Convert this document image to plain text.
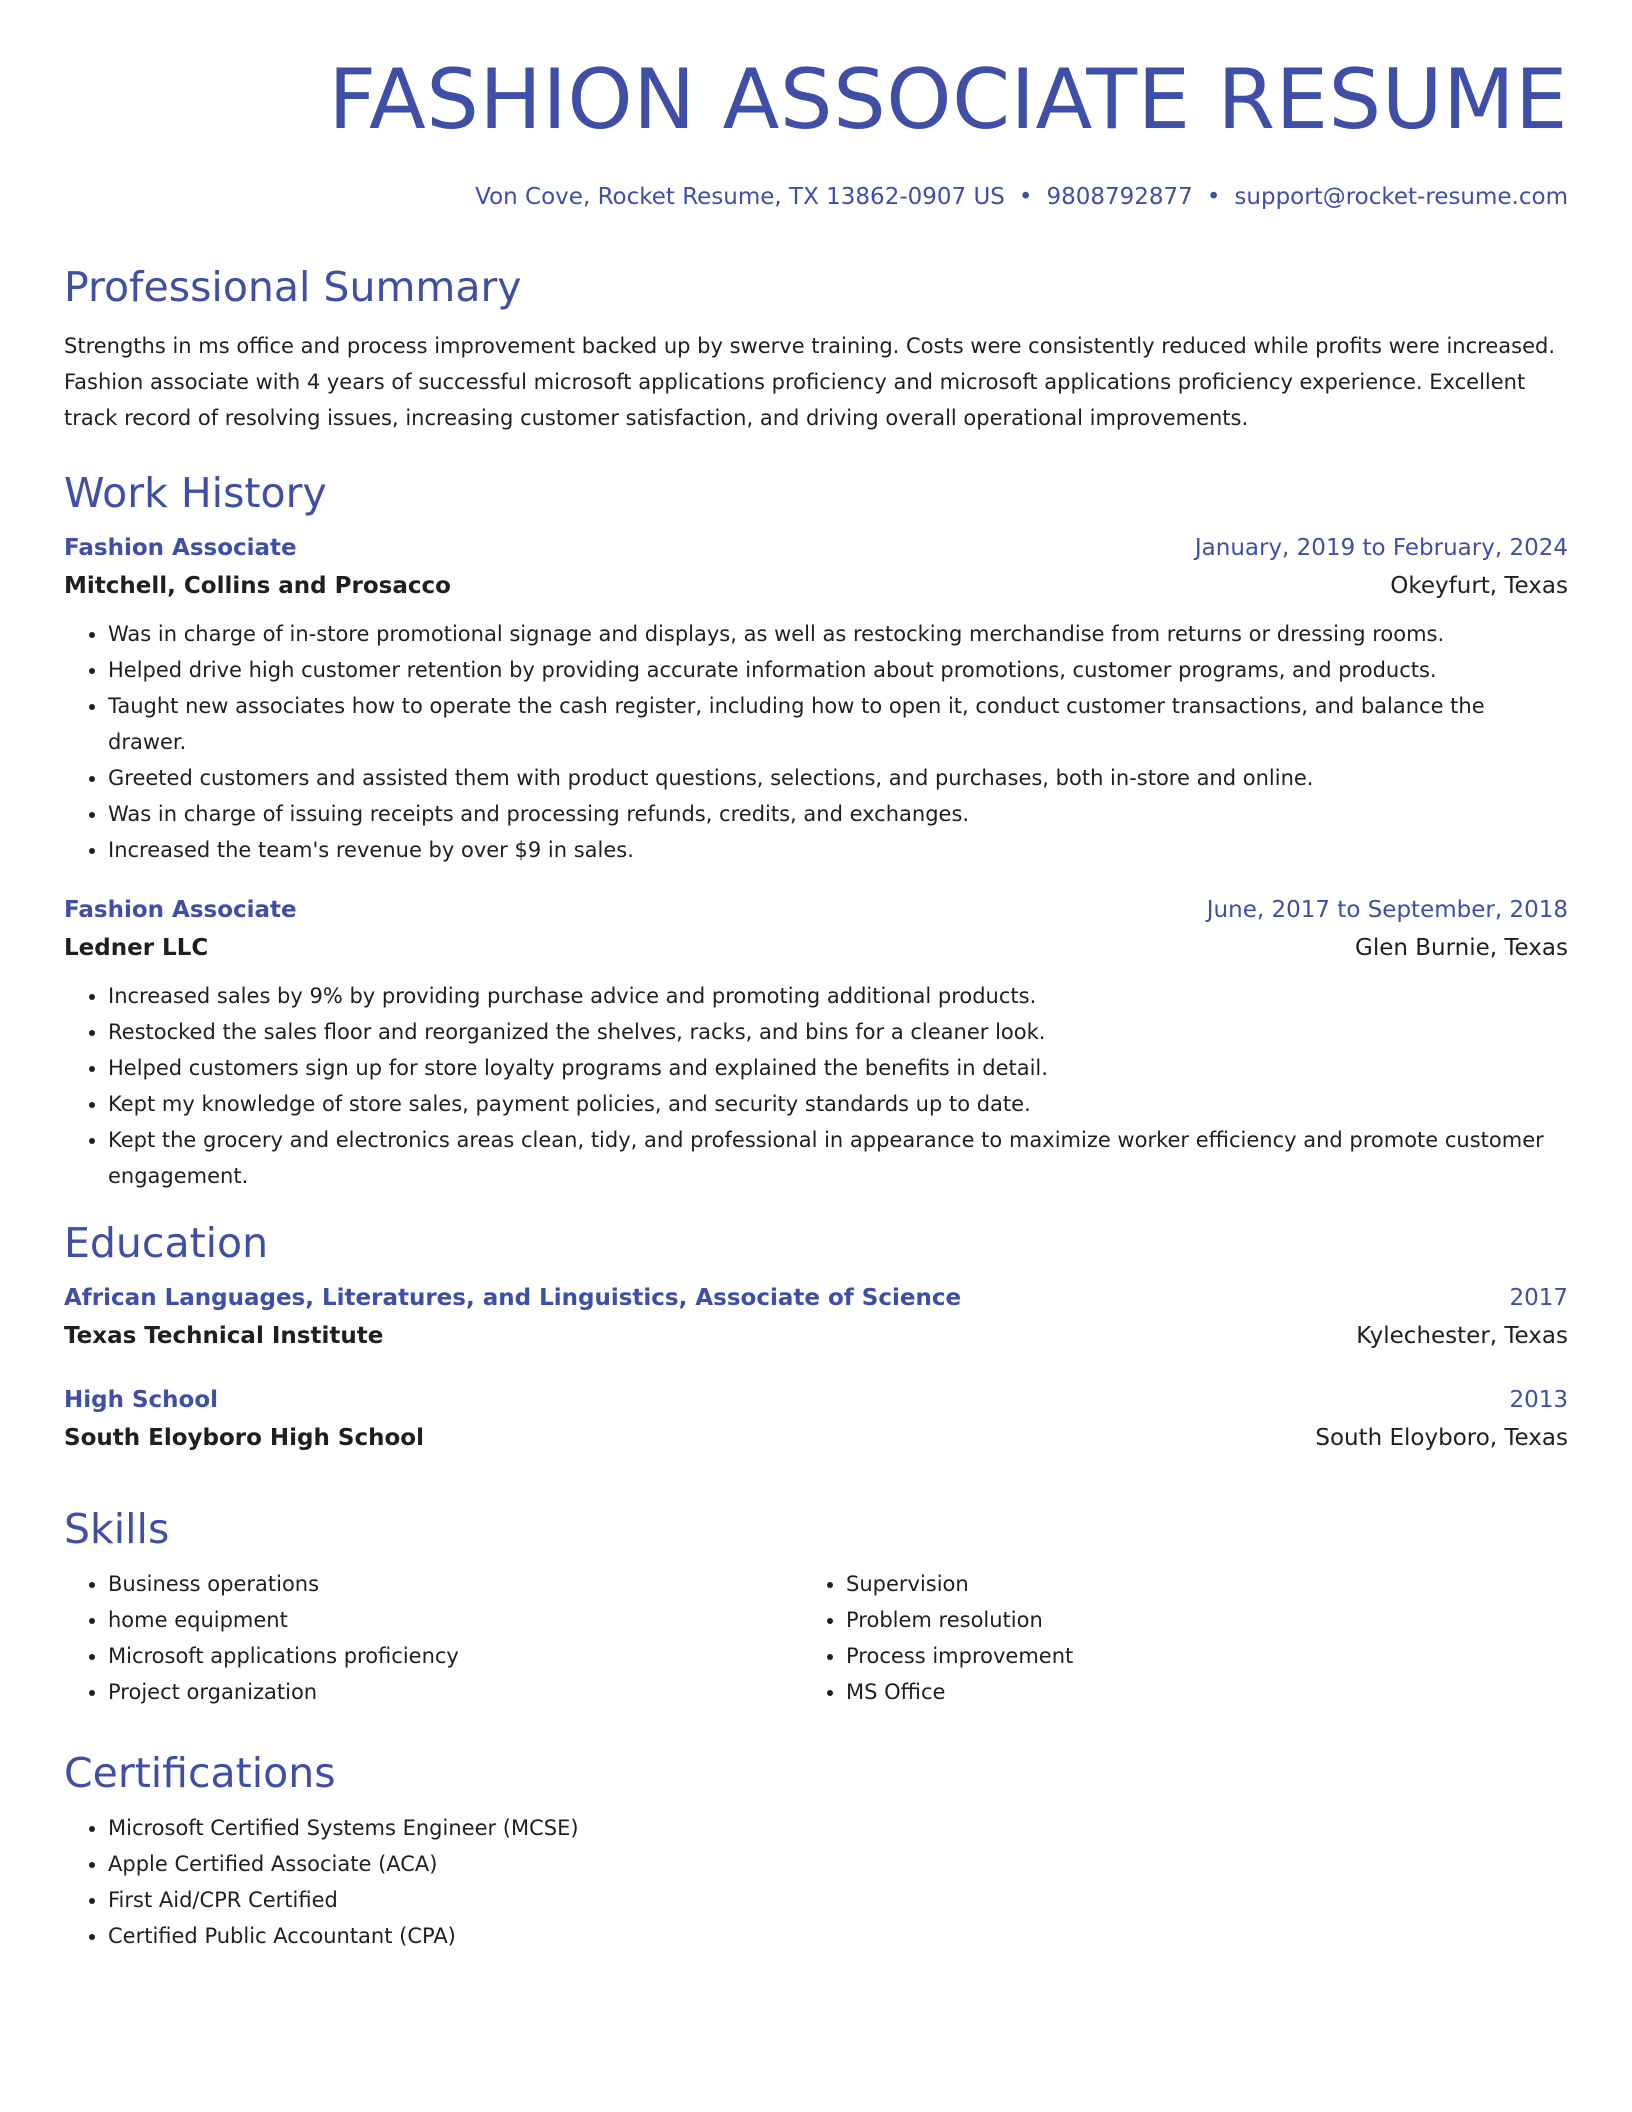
FASHION ASSOCIATE RESUME
Von Cove, Rocket Resume, TX 13862-0907 US • 9808792877 • support@rocket-resume.com
Professional Summary

Strengths in ms office and process improvement backed up by swerve training. Costs were consistently reduced while profits were increased. Fashion associate with 4 years of successful microsoft applications proficiency and microsoft applications proficiency experience. Excellent track record of resolving issues, increasing customer satisfaction, and driving overall operational improvements.

Work History
Fashion Associate	January, 2019 to February, 2024
Mitchell, Collins and Prosacco	Okeyfurt, Texas
• Was in charge of in-store promotional signage and displays, as well as restocking merchandise from returns or dressing rooms.
• Helped drive high customer retention by providing accurate information about promotions, customer programs, and products.
• Taught new associates how to operate the cash register, including how to open it, conduct customer transactions, and balance the drawer.
• Greeted customers and assisted them with product questions, selections, and purchases, both in-store and online.
• Was in charge of issuing receipts and processing refunds, credits, and exchanges.
• Increased the team's revenue by over $9 in sales.
Fashion Associate	June, 2017 to September, 2018
Ledner LLC	Glen Burnie, Texas
• Increased sales by 9% by providing purchase advice and promoting additional products.
• Restocked the sales floor and reorganized the shelves, racks, and bins for a cleaner look.
• Helped customers sign up for store loyalty programs and explained the benefits in detail.
• Kept my knowledge of store sales, payment policies, and security standards up to date.
• Kept the grocery and electronics areas clean, tidy, and professional in appearance to maximize worker efficiency and promote customer engagement.
Education
African Languages, Literatures, and Linguistics, Associate of Science	2017
Texas Technical Institute	Kylechester, Texas
High School	2013
South Eloyboro High School	South Eloyboro, Texas
Skills
• Business operations
• home equipment
• Microsoft applications proficiency
• Project organization
• Supervision
• Problem resolution
• Process improvement
• MS Office
Certifications
• Microsoft Certified Systems Engineer (MCSE)
• Apple Certified Associate (ACA)
• First Aid/CPR Certified
• Certified Public Accountant (CPA)
